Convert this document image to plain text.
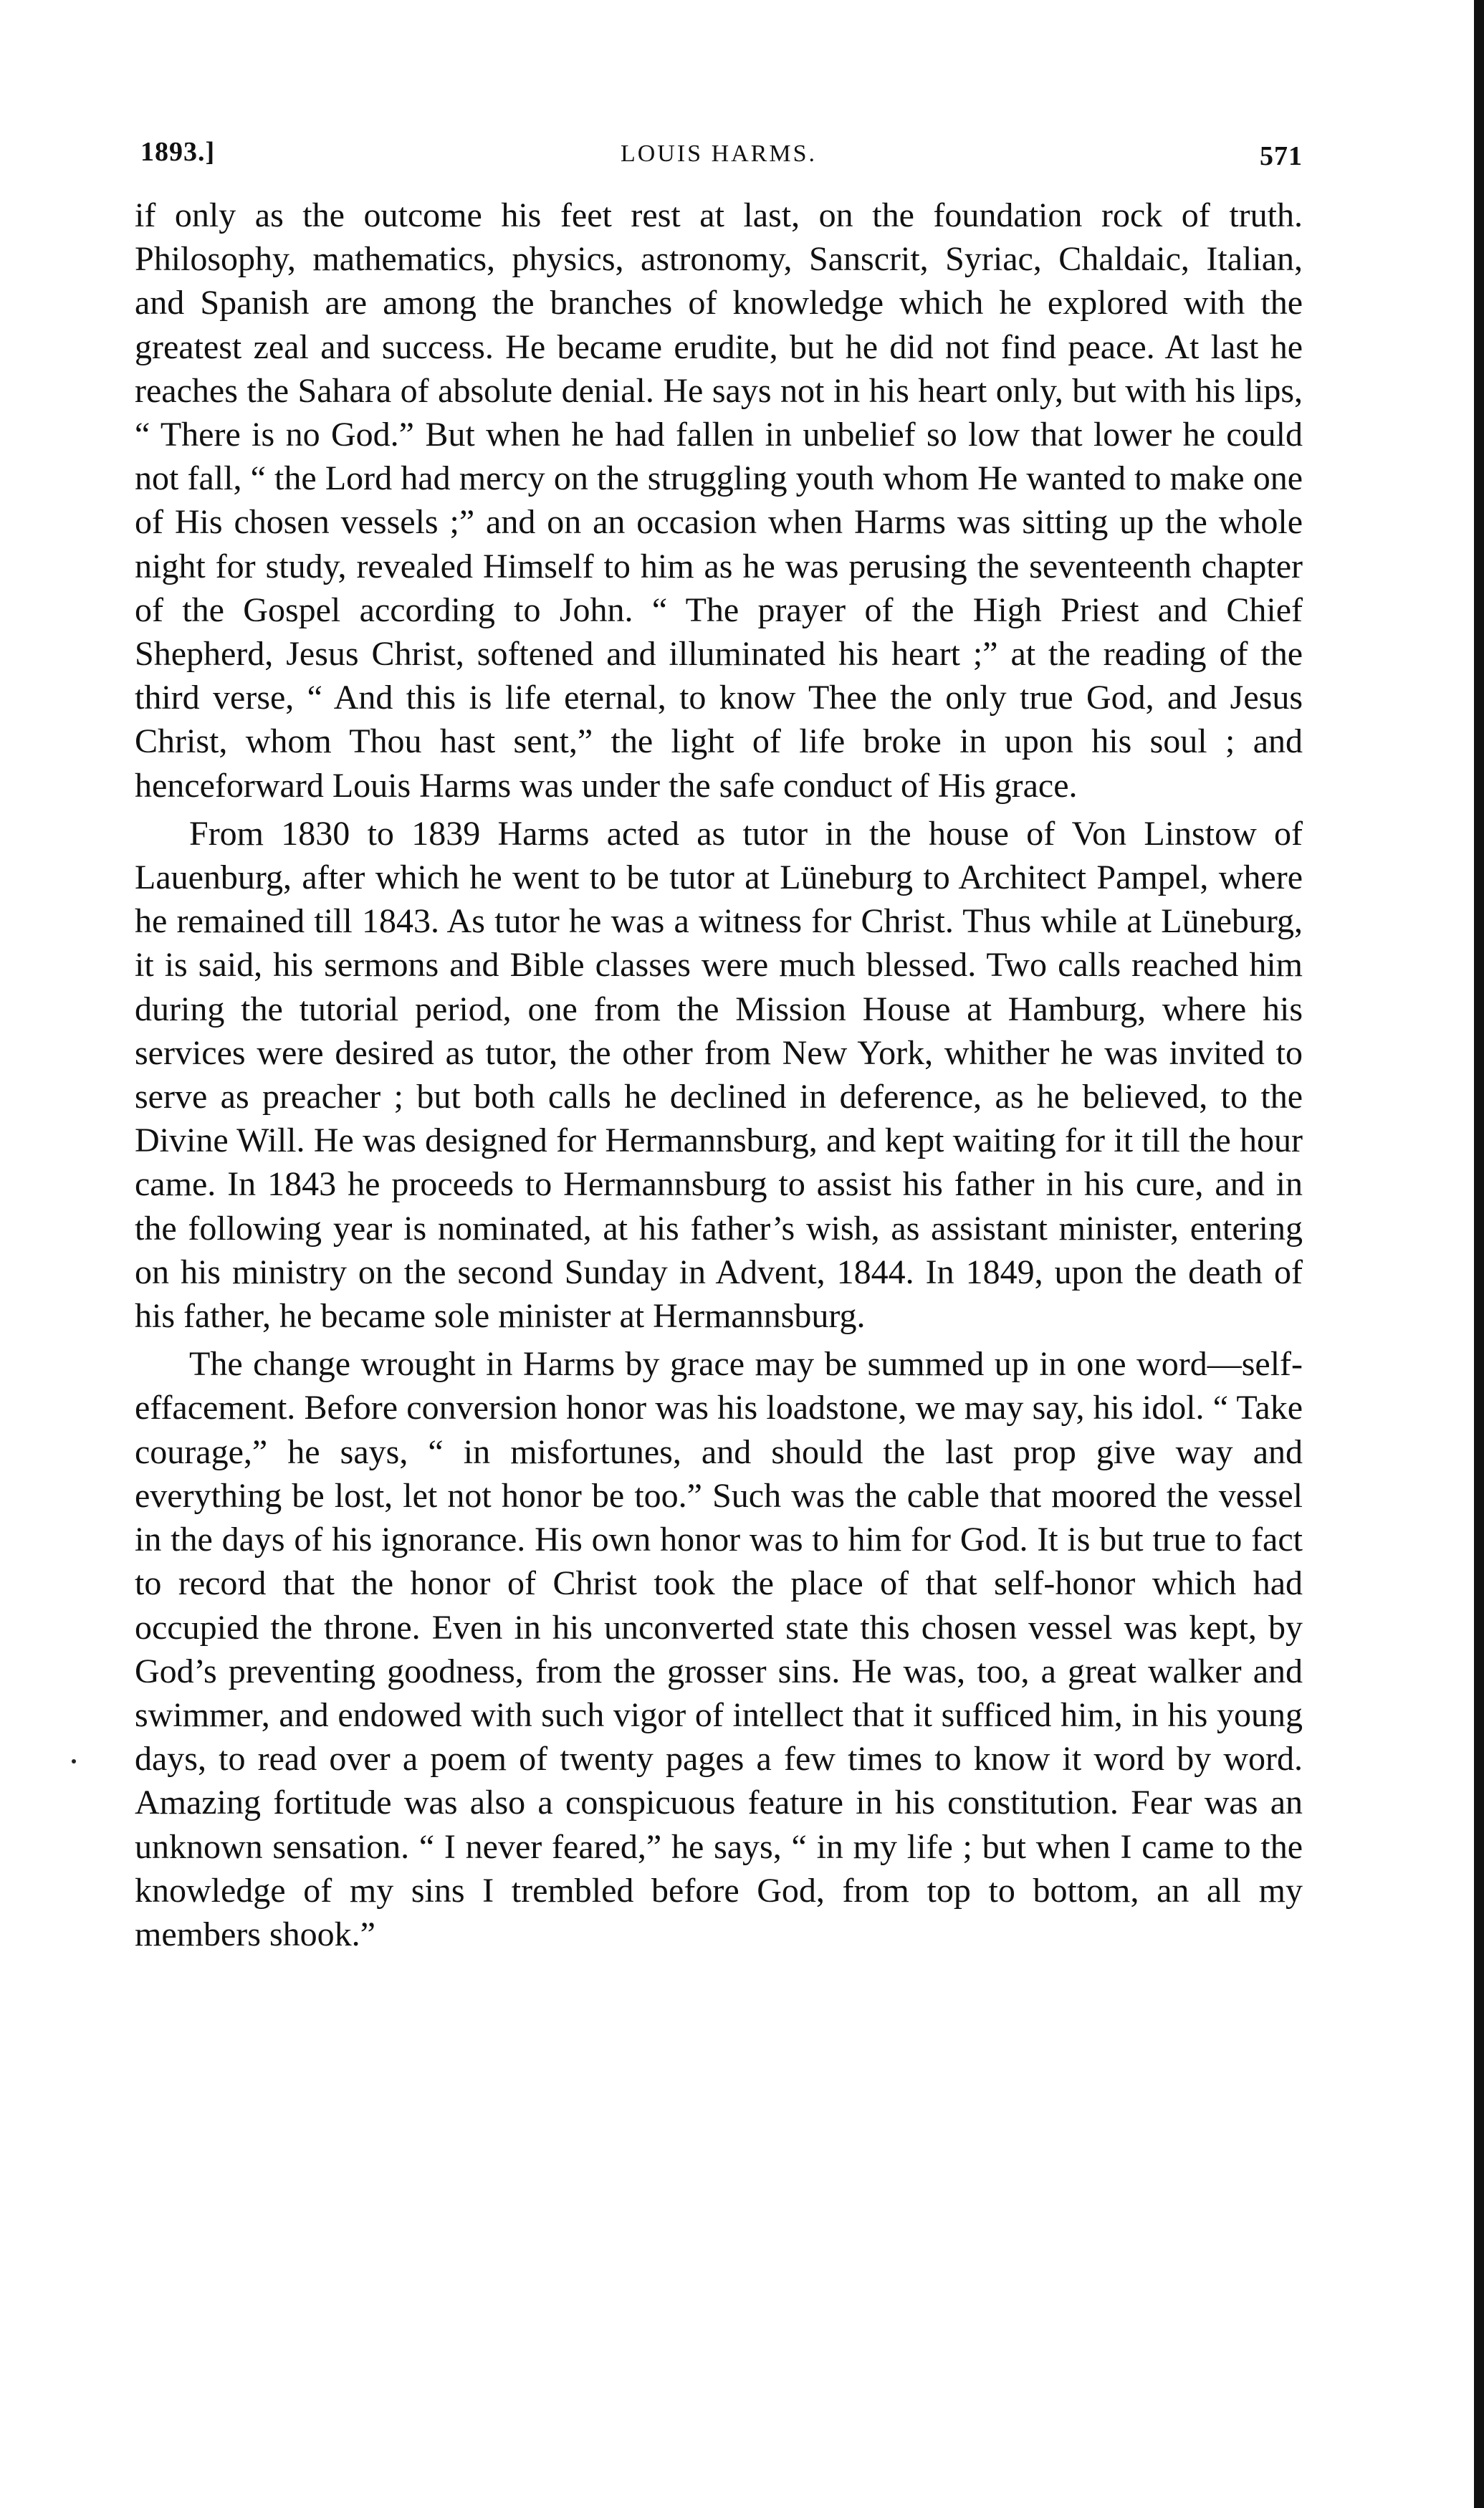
1893.]	LOUIS HARMS.	571

if only as the outcome his feet rest at last, on the foundation rock of truth. Philosophy, mathematics, physics, astronomy, Sanscrit, Syriac, Chaldaic, Italian, and Spanish are among the branches of knowledge which he explored with the greatest zeal and success. He became erudite, but he did not find peace. At last he reaches the Sahara of absolute denial. He says not in his heart only, but with his lips, “ There is no God.” But when he had fallen in unbelief so low that lower he could not fall, “ the Lord had mercy on the struggling youth whom He wanted to make one of His chosen vessels ;” and on an occasion when Harms was sitting up the whole night for study, revealed Himself to him as he was perusing the seventeenth chapter of the Gospel according to John. “ The prayer of the High Priest and Chief Shepherd, Jesus Christ, softened and illuminated his heart ;” at the reading of the third verse, “ And this is life eternal, to know Thee the only true God, and Jesus Christ, whom Thou hast sent,” the light of life broke in upon his soul ; and henceforward Louis Harms was under the safe conduct of His grace.

From 1830 to 1839 Harms acted as tutor in the house of Von Linstow of Lauenburg, after which he went to be tutor at Lüneburg to Architect Pampel, where he remained till 1843. As tutor he was a witness for Christ. Thus while at Lüneburg, it is said, his sermons and Bible classes were much blessed. Two calls reached him during the tutorial period, one from the Mission House at Hamburg, where his services were desired as tutor, the other from New York, whither he was invited to serve as preacher ; but both calls he declined in deference, as he believed, to the Divine Will. He was designed for Hermannsburg, and kept waiting for it till the hour came. In 1843 he proceeds to Hermannsburg to assist his father in his cure, and in the following year is nominated, at his father’s wish, as assistant minister, entering on his ministry on the second Sunday in Advent, 1844. In 1849, upon the death of his father, he became sole minister at Hermannsburg.

The change wrought in Harms by grace may be summed up in one word—self-effacement. Before conversion honor was his loadstone, we may say, his idol. “ Take courage,” he says, “ in misfortunes, and should the last prop give way and everything be lost, let not honor be too.” Such was the cable that moored the vessel in the days of his ignorance. His own honor was to him for God. It is but true to fact to record that the honor of Christ took the place of that self-honor which had occupied the throne. Even in his unconverted state this chosen vessel was kept, by God’s preventing goodness, from the grosser sins. He was, too, a great walker and swimmer, and endowed with such vigor of intellect that it sufficed him, in his young days, to read over a poem of twenty pages a few times to know it word by word. Amazing fortitude was also a conspicuous feature in his constitution. Fear was an unknown sensation. “ I never feared,” he says, “ in my life ; but when I came to the knowledge of my sins I trembled before God, from top to bottom, an all my members shook.”
